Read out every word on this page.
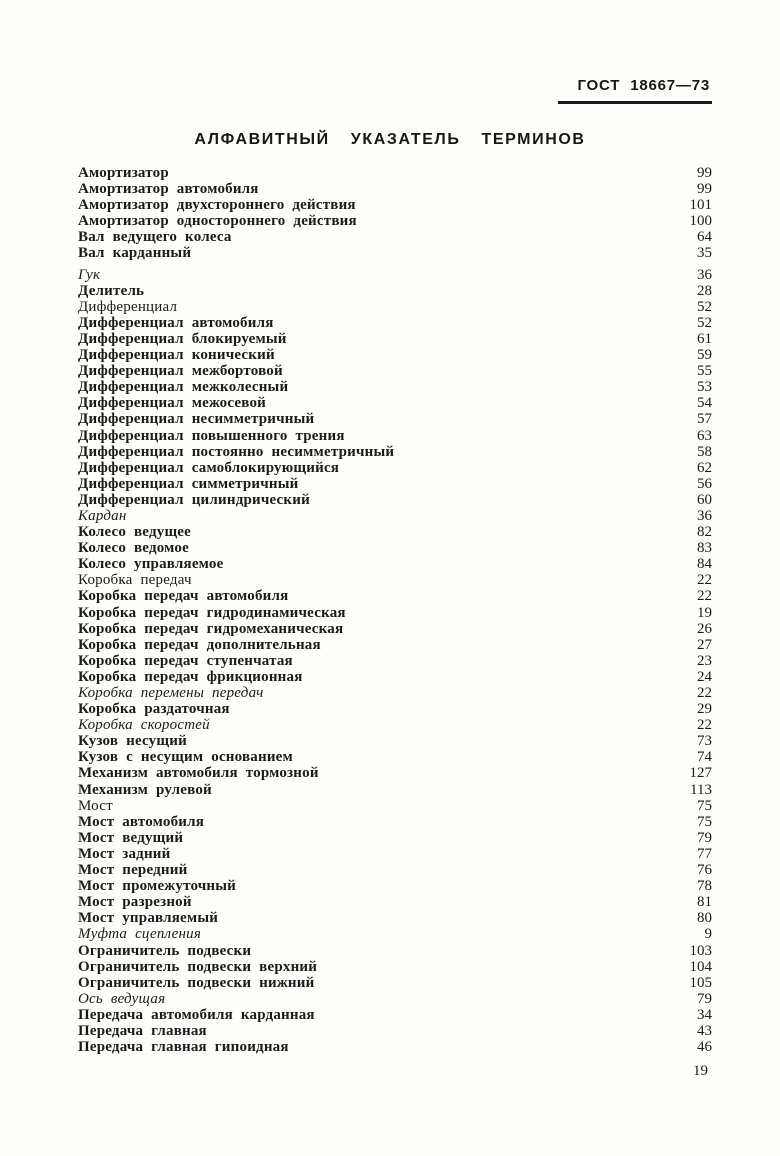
ГОСТ 18667—73
АЛФАВИТНЫЙ УКАЗАТЕЛЬ ТЕРМИНОВ
Амортизатор	99
Амортизатор автомобиля	99
Амортизатор двухстороннего действия	101
Амортизатор одностороннего действия	100
Вал ведущего колеса	64
Вал карданный	35
Гук	36
Делитель	28
Дифференциал	52
Дифференциал автомобиля	52
Дифференциал блокируемый	61
Дифференциал конический	59
Дифференциал межбортовой	55
Дифференциал межколесный	53
Дифференциал межосевой	54
Дифференциал несимметричный	57
Дифференциал повышенного трения	63
Дифференциал постоянно несимметричный	58
Дифференциал самоблокирующийся	62
Дифференциал симметричный	56
Дифференциал цилиндрический	60
Кардан	36
Колесо ведущее	82
Колесо ведомое	83
Колесо управляемое	84
Коробка передач	22
Коробка передач автомобиля	22
Коробка передач гидродинамическая	19
Коробка передач гидромеханическая	26
Коробка передач дополнительная	27
Коробка передач ступенчатая	23
Коробка передач фрикционная	24
Коробка перемены передач	22
Коробка раздаточная	29
Коробка скоростей	22
Кузов несущий	73
Кузов с несущим основанием	74
Механизм автомобиля тормозной	127
Механизм рулевой	113
Мост	75
Мост автомобиля	75
Мост ведущий	79
Мост задний	77
Мост передний	76
Мост промежуточный	78
Мост разрезной	81
Мост управляемый	80
Муфта сцепления	9
Ограничитель подвески	103
Ограничитель подвески верхний	104
Ограничитель подвески нижний	105
Ось ведущая	79
Передача автомобиля карданная	34
Передача главная	43
Передача главная гипоидная	46
19
